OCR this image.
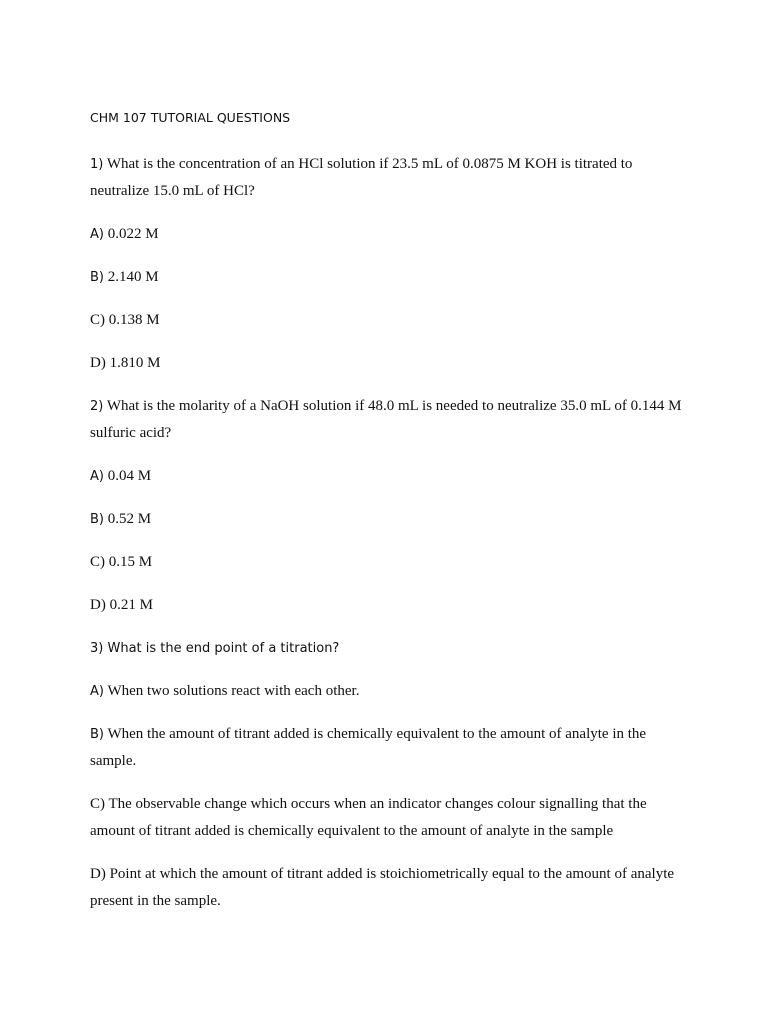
CHM 107 TUTORIAL QUESTIONS

1) What is the concentration of an HCl solution if 23.5 mL of 0.0875 M KOH is titrated to neutralize 15.0 mL of HCl?

A) 0.022 M

B) 2.140 M

C) 0.138 M

D) 1.810 M

2) What is the molarity of a NaOH solution if 48.0 mL is needed to neutralize 35.0 mL of 0.144 M sulfuric acid?

A) 0.04 M

B) 0.52 M

C) 0.15 M

D) 0.21 M

3) What is the end point of a titration?

A) When two solutions react with each other.

B) When the amount of titrant added is chemically equivalent to the amount of analyte in the sample.

C) The observable change which occurs when an indicator changes colour signalling that the amount of titrant added is chemically equivalent to the amount of analyte in the sample

D) Point at which the amount of titrant added is stoichiometrically equal to the amount of analyte present in the sample.
